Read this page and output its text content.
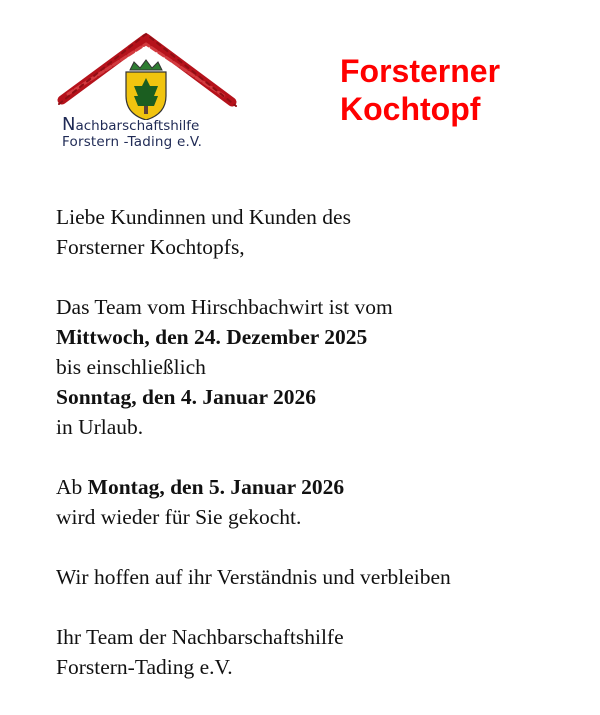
Nachbarschaftshilfe
Forstern -Tading e.V.
Forsterner
Kochtopf

Liebe Kundinnen und Kunden des
Forsterner Kochtopfs,

Das Team vom Hirschbachwirt ist vom
Mittwoch, den 24. Dezember 2025
bis einschließlich
Sonntag, den 4. Januar 2026
in Urlaub.

Ab Montag, den 5. Januar 2026
wird wieder für Sie gekocht.

Wir hoffen auf ihr Verständnis und verbleiben

Ihr Team der Nachbarschaftshilfe
Forstern-Tading e.V.
